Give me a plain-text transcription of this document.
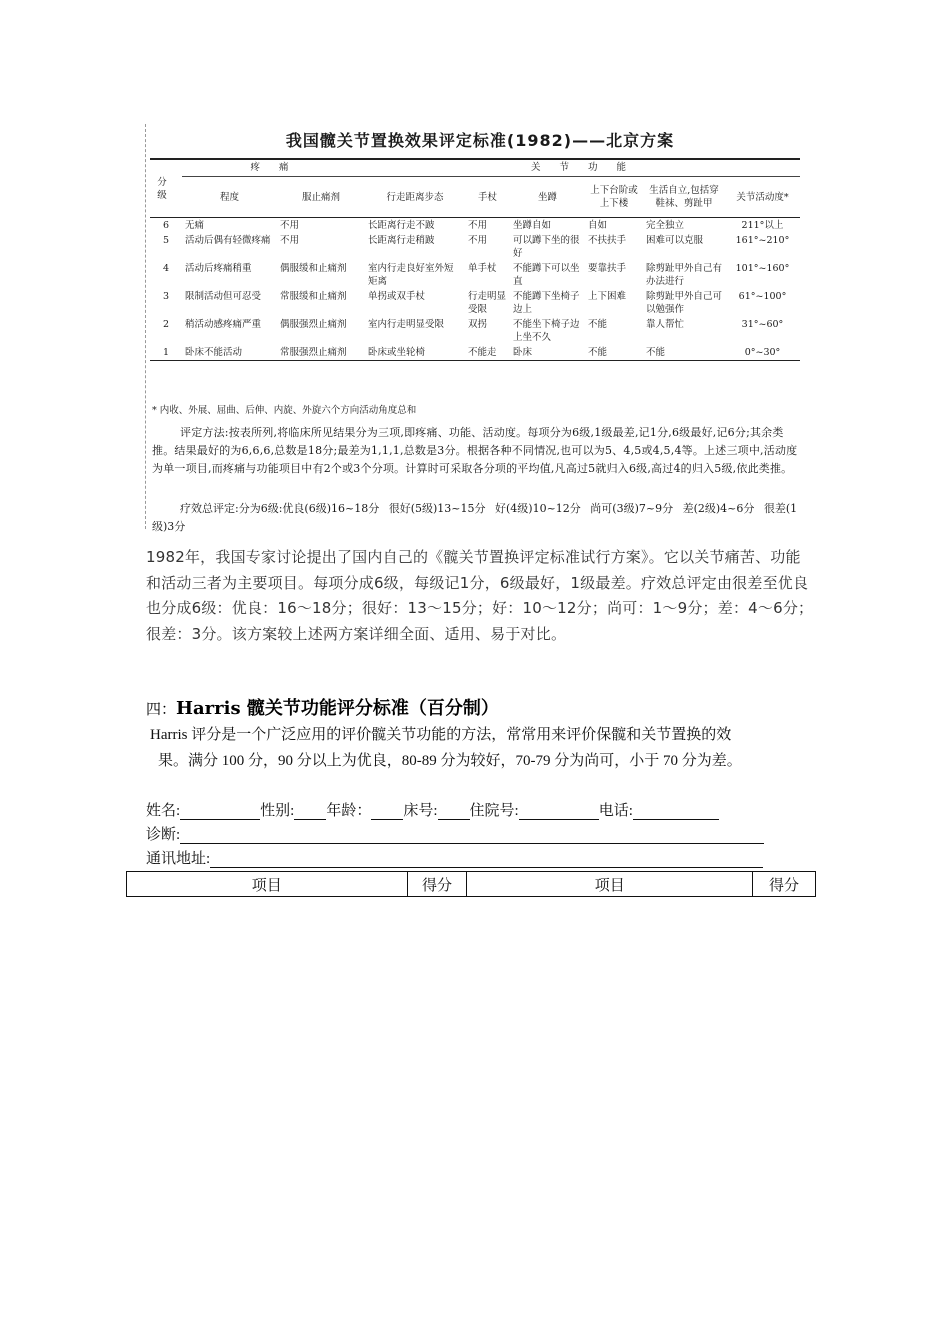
我国髋关节置换效果评定标准(1982)——北京方案
分级	疼 痛		关 节 功 能					
	程度	服止痛剂	行走距离步态	手杖	坐蹲	上下台阶或上下楼	生活自立,包括穿鞋袜、剪趾甲	关节活动度*
6	无痛	不用	长距离行走不跛	不用	坐蹲自如	自如	完全独立	211°以上
5	活动后偶有轻微疼痛	不用	长距离行走稍跛	不用	可以蹲下坐的很好	不扶扶手	困难可以克服	161°~210°
4	活动后疼痛稍重	偶服缓和止痛剂	室内行走良好室外短矩离	单手杖	不能蹲下可以坐直	要靠扶手	除剪趾甲外自己有办法进行	101°~160°
3	限制活动但可忍受	常服缓和止痛剂	单拐或双手杖	行走明显受限	不能蹲下坐椅子边上	上下困难	除剪趾甲外自己可以勉强作	61°~100°
2	稍活动感疼痛严重	偶服强烈止痛剂	室内行走明显受限	双拐	不能坐下椅子边上坐不久	不能	靠人帮忙	31°~60°
1	卧床不能活动	常服强烈止痛剂	卧床或坐轮椅	不能走	卧床	不能	不能	0°~30°
* 内收、外展、屈曲、后伸、内旋、外旋六个方向活动角度总和
评定方法:按表所列,将临床所见结果分为三项,即疼痛、功能、活动度。每项分为6级,1级最差,记1分,6级最好,记6分;其余类推。结果最好的为6,6,6,总数是18分;最差为1,1,1,总数是3分。根据各种不同情况,也可以为5、4,5或4,5,4等。上述三项中,活动度为单一项目,而疼痛与功能项目中有2个或3个分项。计算时可采取各分项的平均值,凡高过5就归入6级,高过4的归入5级,依此类推。
疗效总评定:分为6级:优良(6级)16~18分 很好(5级)13~15分 好(4级)10~12分 尚可(3级)7~9分 差(2级)4~6分 很差(1级)3分
1982年，我国专家讨论提出了国内自己的《髋关节置换评定标准试行方案》。它以关节痛苦、功能和活动三者为主要项目。每项分成6级，每级记1分，6级最好，1级最差。疗效总评定由很差至优良也分成6级：优良：16～18分；很好：13～15分；好：10～12分；尚可：1～9分；差：4～6分；很差：3分。该方案较上述两方案详细全面、适用、易于对比。
四：Harris 髋关节功能评分标准（百分制）
Harris 评分是一个广泛应用的评价髋关节功能的方法，常常用来评价保髋和关节置换的效
果。满分 100 分，90 分以上为优良，80-89 分为较好，70-79 分为尚可，小于 70 分为差。
姓名:	性别: 年龄： 床号: 住院号:	电话:
诊断:
通讯地址:
项目	得分	项目	得分
